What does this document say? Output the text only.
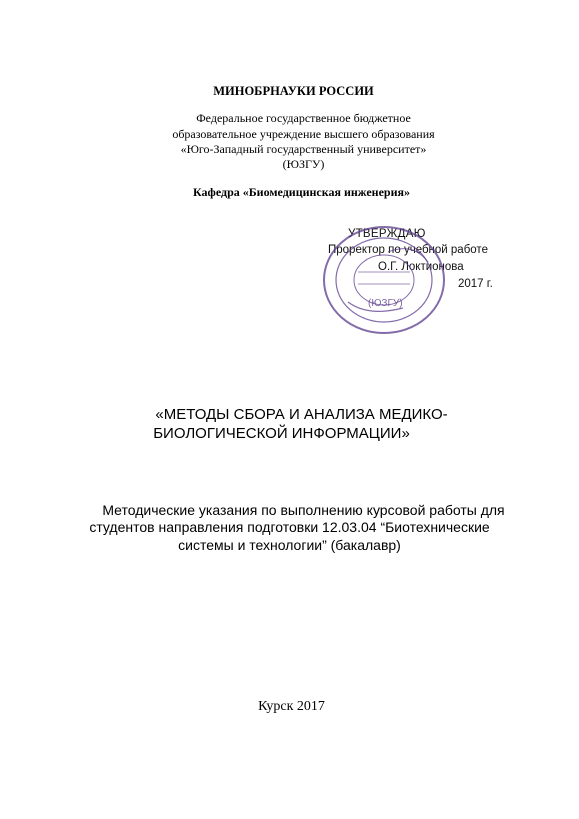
МИНОБРНАУКИ РОССИИ
Федеральное государственное бюджетное
образовательное учреждение высшего образования
«Юго-Западный государственный университет»
(ЮЗГУ)
Кафедра «Биомедицинская инженерия»
УТВЕРЖДАЮ
Проректор по учебной работе
О.Г. Локтионова
2017 г.
(ЮЗГУ)
«МЕТОДЫ СБОРА И АНАЛИЗА МЕДИКО-
БИОЛОГИЧЕСКОЙ ИНФОРМАЦИИ»
Методические указания по выполнению курсовой работы для
студентов направления подготовки 12.03.04 “Биотехнические
системы и технологии” (бакалавр)
Курск 2017
